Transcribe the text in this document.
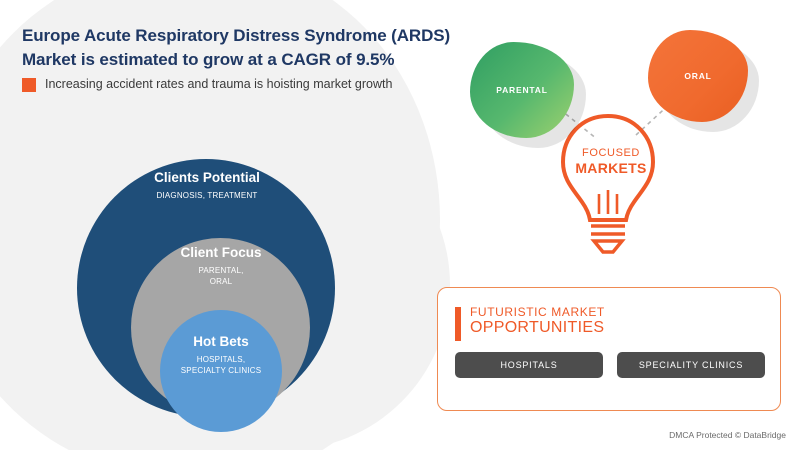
Europe Acute Respiratory Distress Syndrome (ARDS) Market is estimated to grow at a CAGR of 9.5%
Increasing accident rates and trauma is hoisting market growth
Clients Potential
DIAGNOSIS, TREATMENT
Client Focus
PARENTAL,
ORAL
Hot Bets
HOSPITALS,
SPECIALTY CLINICS
FOCUSED
MARKETS
PARENTAL
ORAL
FUTURISTIC MARKET
OPPORTUNITIES
HOSPITALS	SPECIALITY CLINICS
DMCA Protected © DataBridge
